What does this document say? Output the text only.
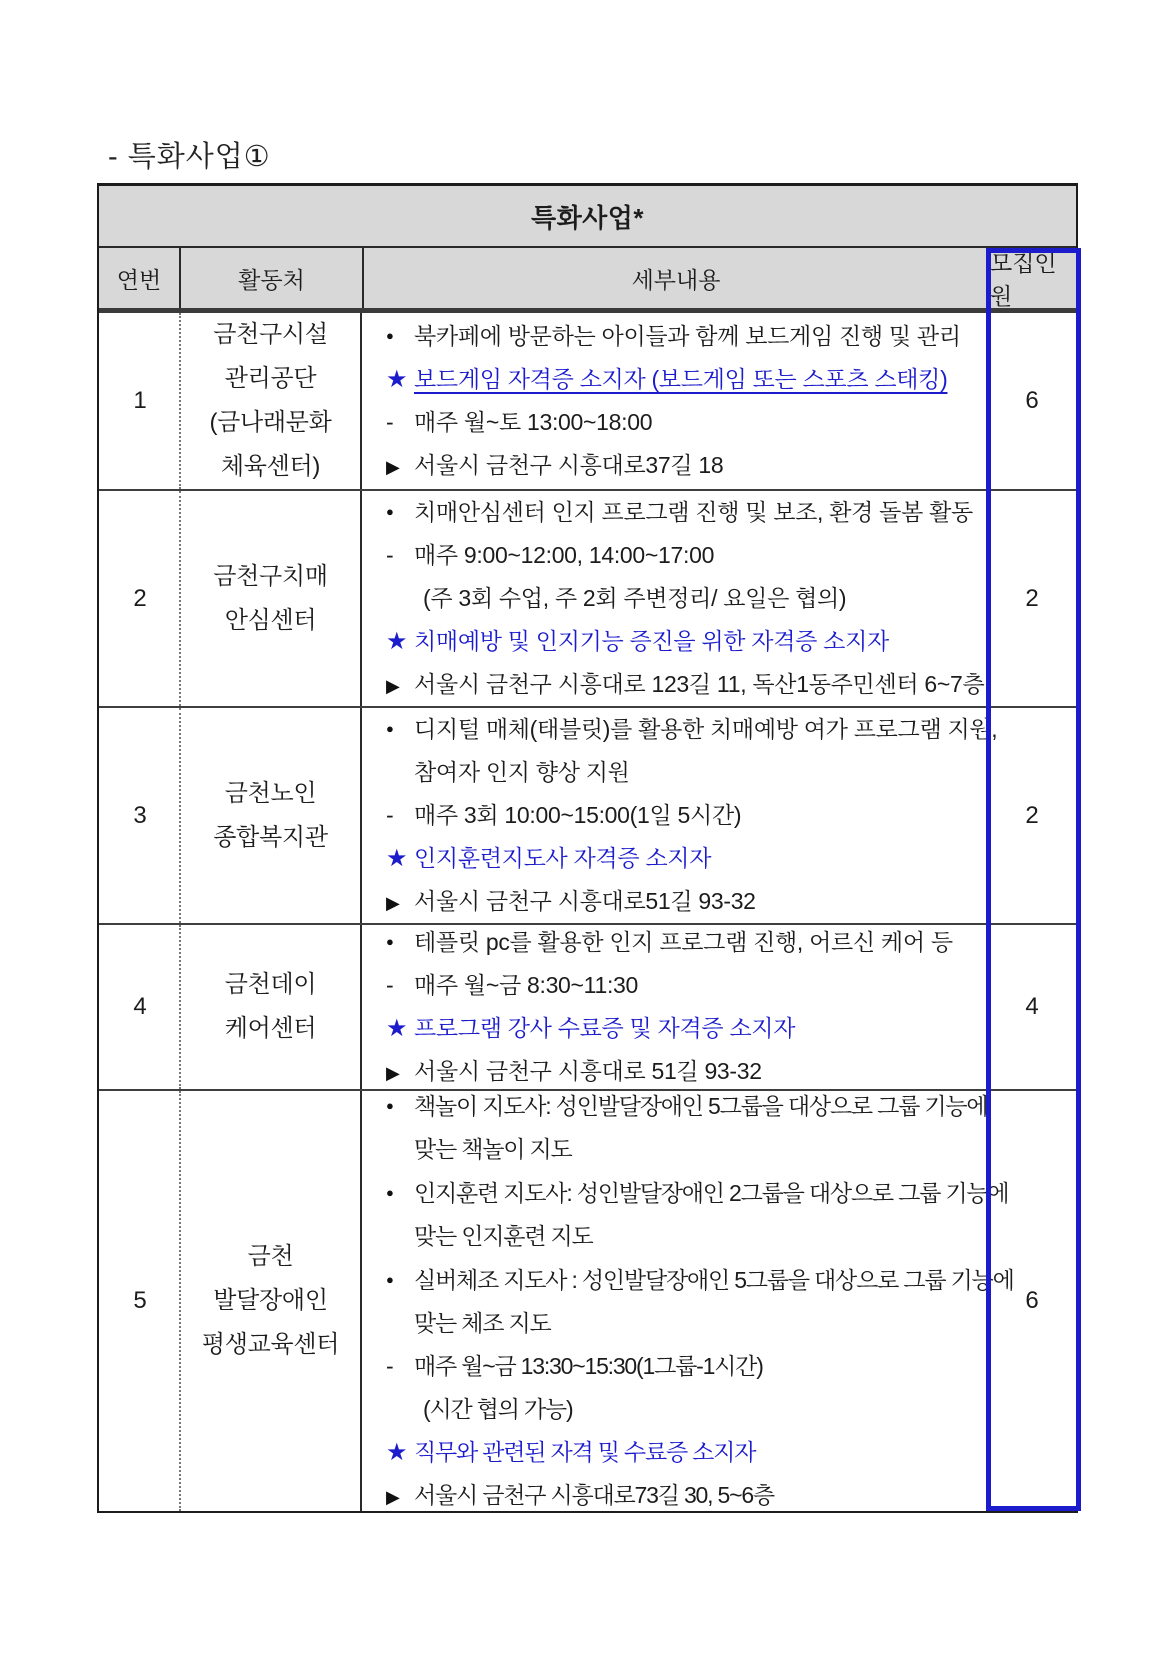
- 특화사업①
특화사업*
연번	활동처	세부내용
모집인원
1
금천구시설
관리공단
(금나래문화
체육센터)
● 북카페에 방문하는 아이들과 함께 보드게임 진행 및 관리
★ 보드게임 자격증 소지자 (보드게임 또는 스포츠 스태킹)
- 매주 월~토 13:00~18:00
▶ 서울시 금천구 시흥대로37길 18
6
2
금천구치매
안심센터
● 치매안심센터 인지 프로그램 진행 및 보조, 환경 돌봄 활동
- 매주 9:00~12:00, 14:00~17:00
(주 3회 수업, 주 2회 주변정리/ 요일은 협의)
★ 치매예방 및 인지기능 증진을 위한 자격증 소지자
▶ 서울시 금천구 시흥대로 123길 11, 독산1동주민센터 6~7층
2
3
금천노인
종합복지관
● 디지털 매체(태블릿)를 활용한 치매예방 여가 프로그램 지원,
참여자 인지 향상 지원
- 매주 3회 10:00~15:00(1일 5시간)
★ 인지훈련지도사 자격증 소지자
▶ 서울시 금천구 시흥대로51길 93-32
2
4
금천데이
케어센터
● 테플릿 pc를 활용한 인지 프로그램 진행, 어르신 케어 등
- 매주 월~금 8:30~11:30
★ 프로그램 강사 수료증 및 자격증 소지자
▶ 서울시 금천구 시흥대로 51길 93-32
4
5
금천
발달장애인
평생교육센터
● 책놀이 지도사: 성인발달장애인 5그룹을 대상으로 그룹 기능에
맞는 책놀이 지도
● 인지훈련 지도사: 성인발달장애인 2그룹을 대상으로 그룹 기능에
맞는 인지훈련 지도
● 실버체조 지도사 : 성인발달장애인 5그룹을 대상으로 그룹 기능에
맞는 체조 지도
- 매주 월~금 13:30~15:30(1그룹-1시간)
(시간 협의 가능)
★ 직무와 관련된 자격 및 수료증 소지자
▶ 서울시 금천구 시흥대로73길 30, 5~6층
6
